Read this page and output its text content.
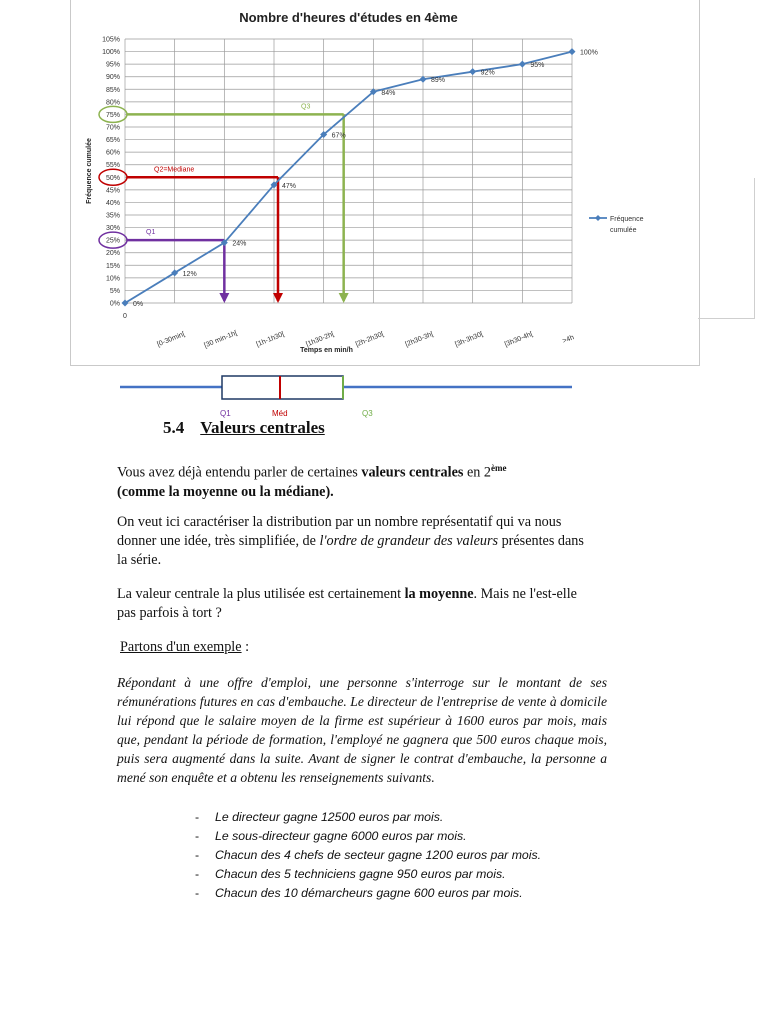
Nombre d'heures d'études en 4ème
0%
5%
10%
15%
20%
25%
30%
35%
40%
45%
50%
55%
60%
65%
70%
75%
80%
85%
90%
95%
100%
105%
0
[0-30min[ [30 min-1h[ [1h-1h30[	[1h30-2h[	[2h-2h30[	[2h30-3h[	[3h-3h30[	[3h30-4h[	>4h
Temps en min/h
Fréquence cumulée
Q1
Q2=Mediane
Q3
0%
12%
24%
47%
67%
84%
89%
92%
95%
100%
Fréquence cumulée
Q1	Méd	Q3
5.4 Valeurs centrales
Vous avez déjà entendu parler de certaines valeurs centrales en 2ème
(comme la moyenne ou la médiane).
On veut ici caractériser la distribution par un nombre représentatif qui va nous donner une idée, très simplifiée, de l'ordre de grandeur des valeurs présentes dans la série.
La valeur centrale la plus utilisée est certainement la moyenne. Mais ne l'est-elle pas parfois à tort ?
Partons d'un exemple :

Répondant à une offre d'emploi, une personne s'interroge sur le montant de ses rémunérations futures en cas d'embauche. Le directeur de l'entreprise de vente à domicile lui répond que le salaire moyen de la firme est supérieur à 1600 euros par mois, mais que, pendant la période de formation, l'employé ne gagnera que 500 euros chaque mois, puis sera augmenté dans la suite. Avant de signer le contrat d'embauche, la personne a mené son enquête et a obtenu les renseignements suivants.

- Le directeur gagne 12500 euros par mois.
- Le sous-directeur gagne 6000 euros par mois.
- Chacun des 4 chefs de secteur gagne 1200 euros par mois.
- Chacun des 5 techniciens gagne 950 euros par mois.
- Chacun des 10 démarcheurs gagne 600 euros par mois.
